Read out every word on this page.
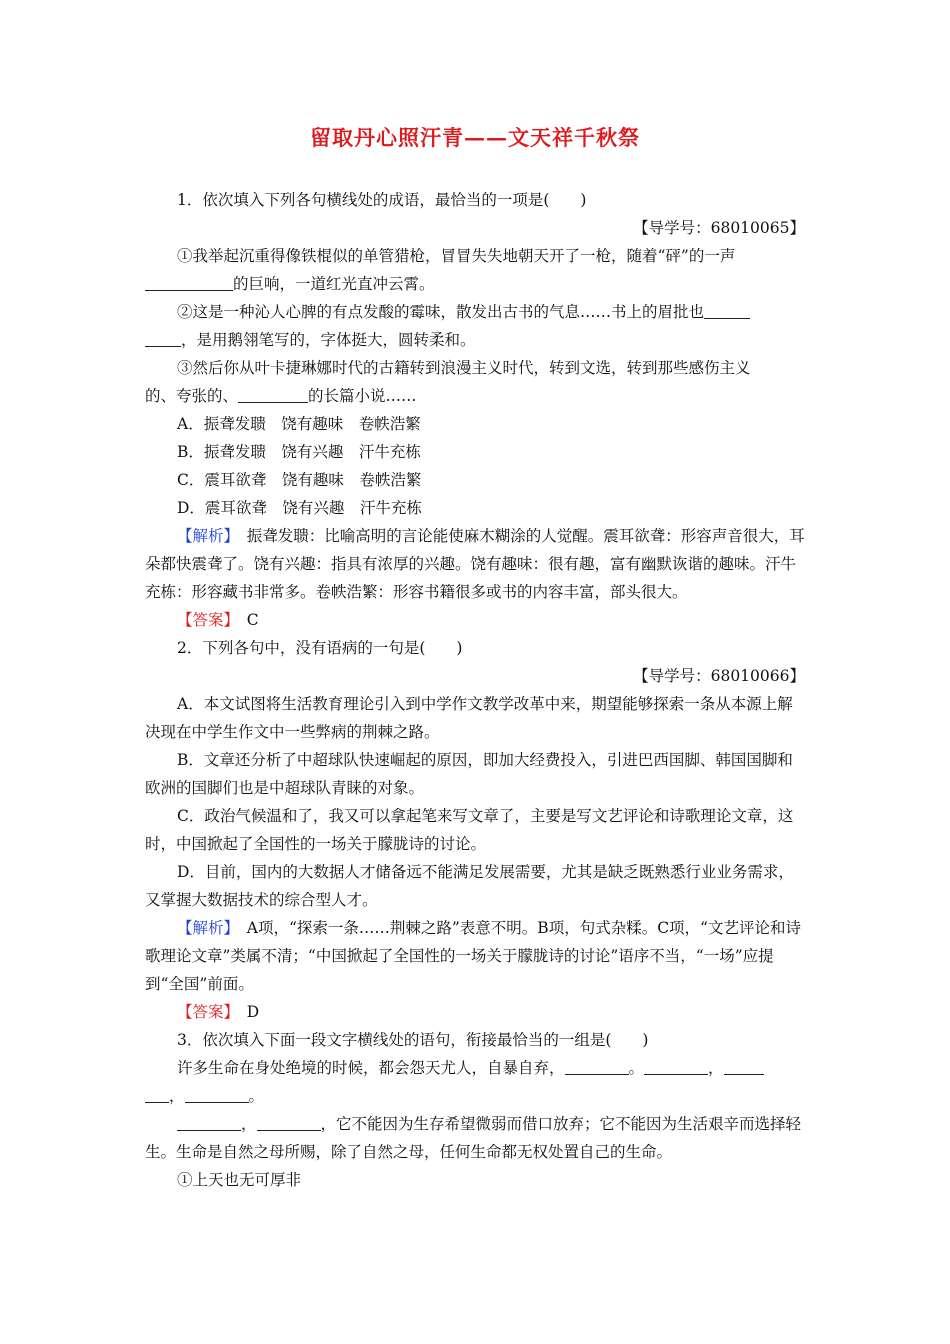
留取丹心照汗青——文天祥千秋祭

1．依次填入下列各句横线处的成语，最恰当的一项是(　　)

【导学号：68010065】

①我举起沉重得像铁棍似的单管猎枪，冒冒失失地朝天开了一枪，随着“砰”的一声

的巨响，一道红光直冲云霄。

②这是一种沁人心脾的有点发酸的霉味，散发出古书的气息……书上的眉批也

，是用鹅翎笔写的，字体挺大，圆转柔和。

③然后你从叶卡捷琳娜时代的古籍转到浪漫主义时代，转到文选，转到那些感伤主义

的、夸张的、	的长篇小说……

A．振聋发聩　饶有趣味　卷帙浩繁

B．振聋发聩　饶有兴趣　汗牛充栋

C．震耳欲聋　饶有趣味　卷帙浩繁

D．震耳欲聋　饶有兴趣　汗牛充栋

【解析】　振聋发聩：比喻高明的言论能使麻木糊涂的人觉醒。震耳欲聋：形容声音很大，耳朵都快震聋了。饶有兴趣：指具有浓厚的兴趣。饶有趣味：很有趣，富有幽默诙谐的趣味。汗牛充栋：形容藏书非常多。卷帙浩繁：形容书籍很多或书的内容丰富，部头很大。

【答案】　C

2．下列各句中，没有语病的一句是(　　)

【导学号：68010066】

A．本文试图将生活教育理论引入到中学作文教学改革中来，期望能够探索一条从本源上解决现在中学生作文中一些弊病的荆棘之路。

B．文章还分析了中超球队快速崛起的原因，即加大经费投入，引进巴西国脚、韩国国脚和欧洲的国脚们也是中超球队青睐的对象。

C．政治气候温和了，我又可以拿起笔来写文章了，主要是写文艺评论和诗歌理论文章，这时，中国掀起了全国性的一场关于朦胧诗的讨论。

D．目前，国内的大数据人才储备远不能满足发展需要，尤其是缺乏既熟悉行业业务需求，又掌握大数据技术的综合型人才。

【解析】　A项，“探索一条……荆棘之路”表意不明。B项，句式杂糅。C项，“文艺评论和诗歌理论文章”类属不清；“中国掀起了全国性的一场关于朦胧诗的讨论”语序不当，“一场”应提到“全国”前面。

【答案】　D

3．依次填入下面一段文字横线处的语句，衔接最恰当的一组是(　　)

许多生命在身处绝境的时候，都会怨天尤人，自暴自弃，	。	，
，	。

，	，它不能因为生存希望微弱而借口放弃；它不能因为生活艰辛而选择轻生。生命是自然之母所赐，除了自然之母，任何生命都无权处置自己的生命。

①上天也无可厚非
